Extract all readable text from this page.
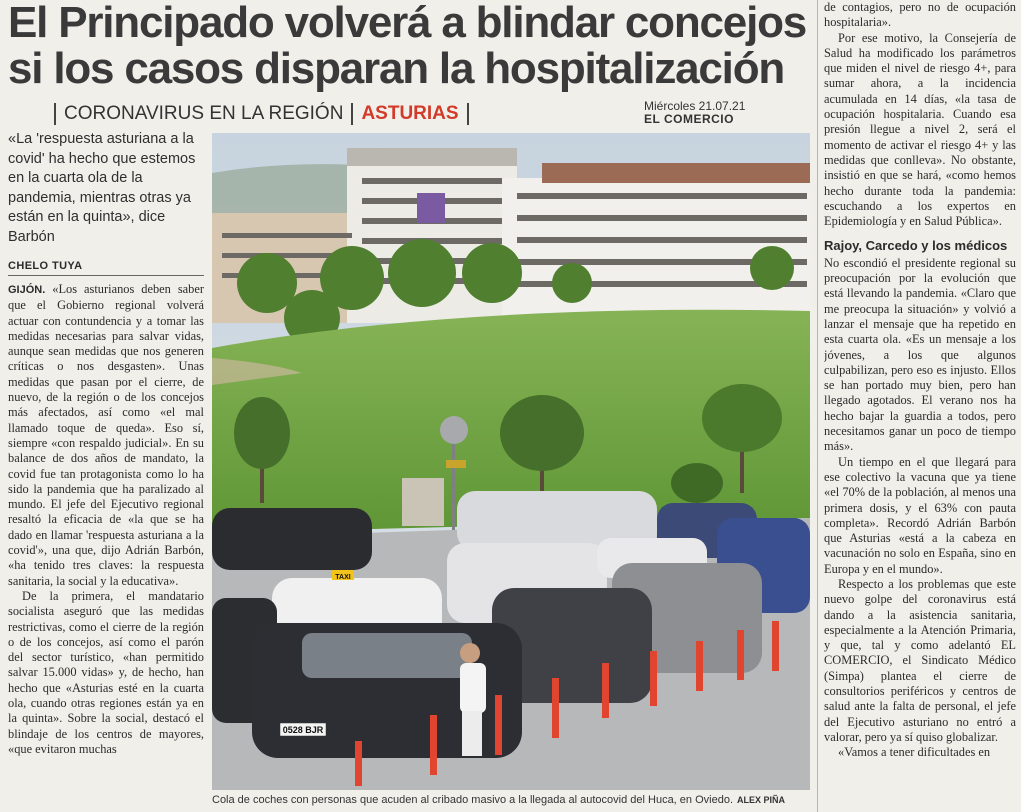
El Principado volverá a blindar concejos
si los casos disparan la hospitalización
CORONAVIRUS EN LA REGIÓN ASTURIAS	Miércoles 21.07.21
EL COMERCIO

«La 'respuesta asturiana a la covid' ha hecho que estemos en la cuarta ola de la pandemia, mientras otras ya están en la quinta», dice Barbón

CHELO TUYA

GIJÓN. «Los asturianos deben saber que el Gobierno regional volverá actuar con contundencia y a tomar las medidas necesarias para salvar vidas, aunque sean medidas que nos generen críticas o nos desgasten». Unas medidas que pasan por el cierre, de nuevo, de la región o de los concejos más afectados, así como «el mal llamado toque de queda». Eso sí, siempre «con respaldo judicial». En su balance de dos años de mandato, la covid fue tan protagonista como lo ha sido la pandemia que ha paralizado al mundo. El jefe del Ejecutivo regional resaltó la eficacia de «la que se ha dado en llamar 'respuesta asturiana a la covid'», una que, dijo Adrián Barbón, «ha tenido tres claves: la respuesta sanitaria, la social y la educativa».

De la primera, el mandatario socialista aseguró que las medidas restrictivas, como el cierre de la región o de los concejos, así como el parón del sector turístico, «han permitido salvar 15.000 vidas» y, de hecho, han hecho que «Asturias esté en la cuarta ola, cuando otras regiones están ya en la quinta». Sobre la social, destacó el blindaje de los centros de mayores, «que evitaron muchas

TAXI
0528 BJR
Cola de coches con personas que acuden al cribado masivo a la llegada al autocovid del Huca, en Oviedo. ALEX PIÑA

de contagios, pero no de ocupación hospitalaria».

Por ese motivo, la Consejería de Salud ha modificado los parámetros que miden el nivel de riesgo 4+, para sumar ahora, a la incidencia acumulada en 14 días, «la tasa de ocupación hospitalaria. Cuando esa presión llegue a nivel 2, será el momento de activar el riesgo 4+ y las medidas que conlleva». No obstante, insistió en que se hará, «como hemos hecho durante toda la pandemia: escuchando a los expertos en Epidemiología y en Salud Pública».

Rajoy, Carcedo y los médicos

No escondió el presidente regional su preocupación por la evolución que está llevando la pandemia. «Claro que me preocupa la situación» y volvió a lanzar el mensaje que ha repetido en esta cuarta ola. «Es un mensaje a los jóvenes, a los que algunos culpabilizan, pero eso es injusto. Ellos se han portado muy bien, pero han llegado agotados. El verano nos ha hecho bajar la guardia a todos, pero necesitamos ganar un poco de tiempo más».

Un tiempo en el que llegará para ese colectivo la vacuna que ya tiene «el 70% de la población, al menos una primera dosis, y el 63% con pauta completa». Recordó Adrián Barbón que Asturias «está a la cabeza en vacunación no solo en España, sino en Europa y en el mundo».

Respecto a los problemas que este nuevo golpe del coronavirus está dando a la asistencia sanitaria, especialmente a la Atención Primaria, y que, tal y como adelantó EL COMERCIO, el Sindicato Médico (Simpa) plantea el cierre de consultorios periféricos y centros de salud ante la falta de personal, el jefe del Ejecutivo asturiano no entró a valorar, pero ya sí quiso globalizar.

«Vamos a tener dificultades en
